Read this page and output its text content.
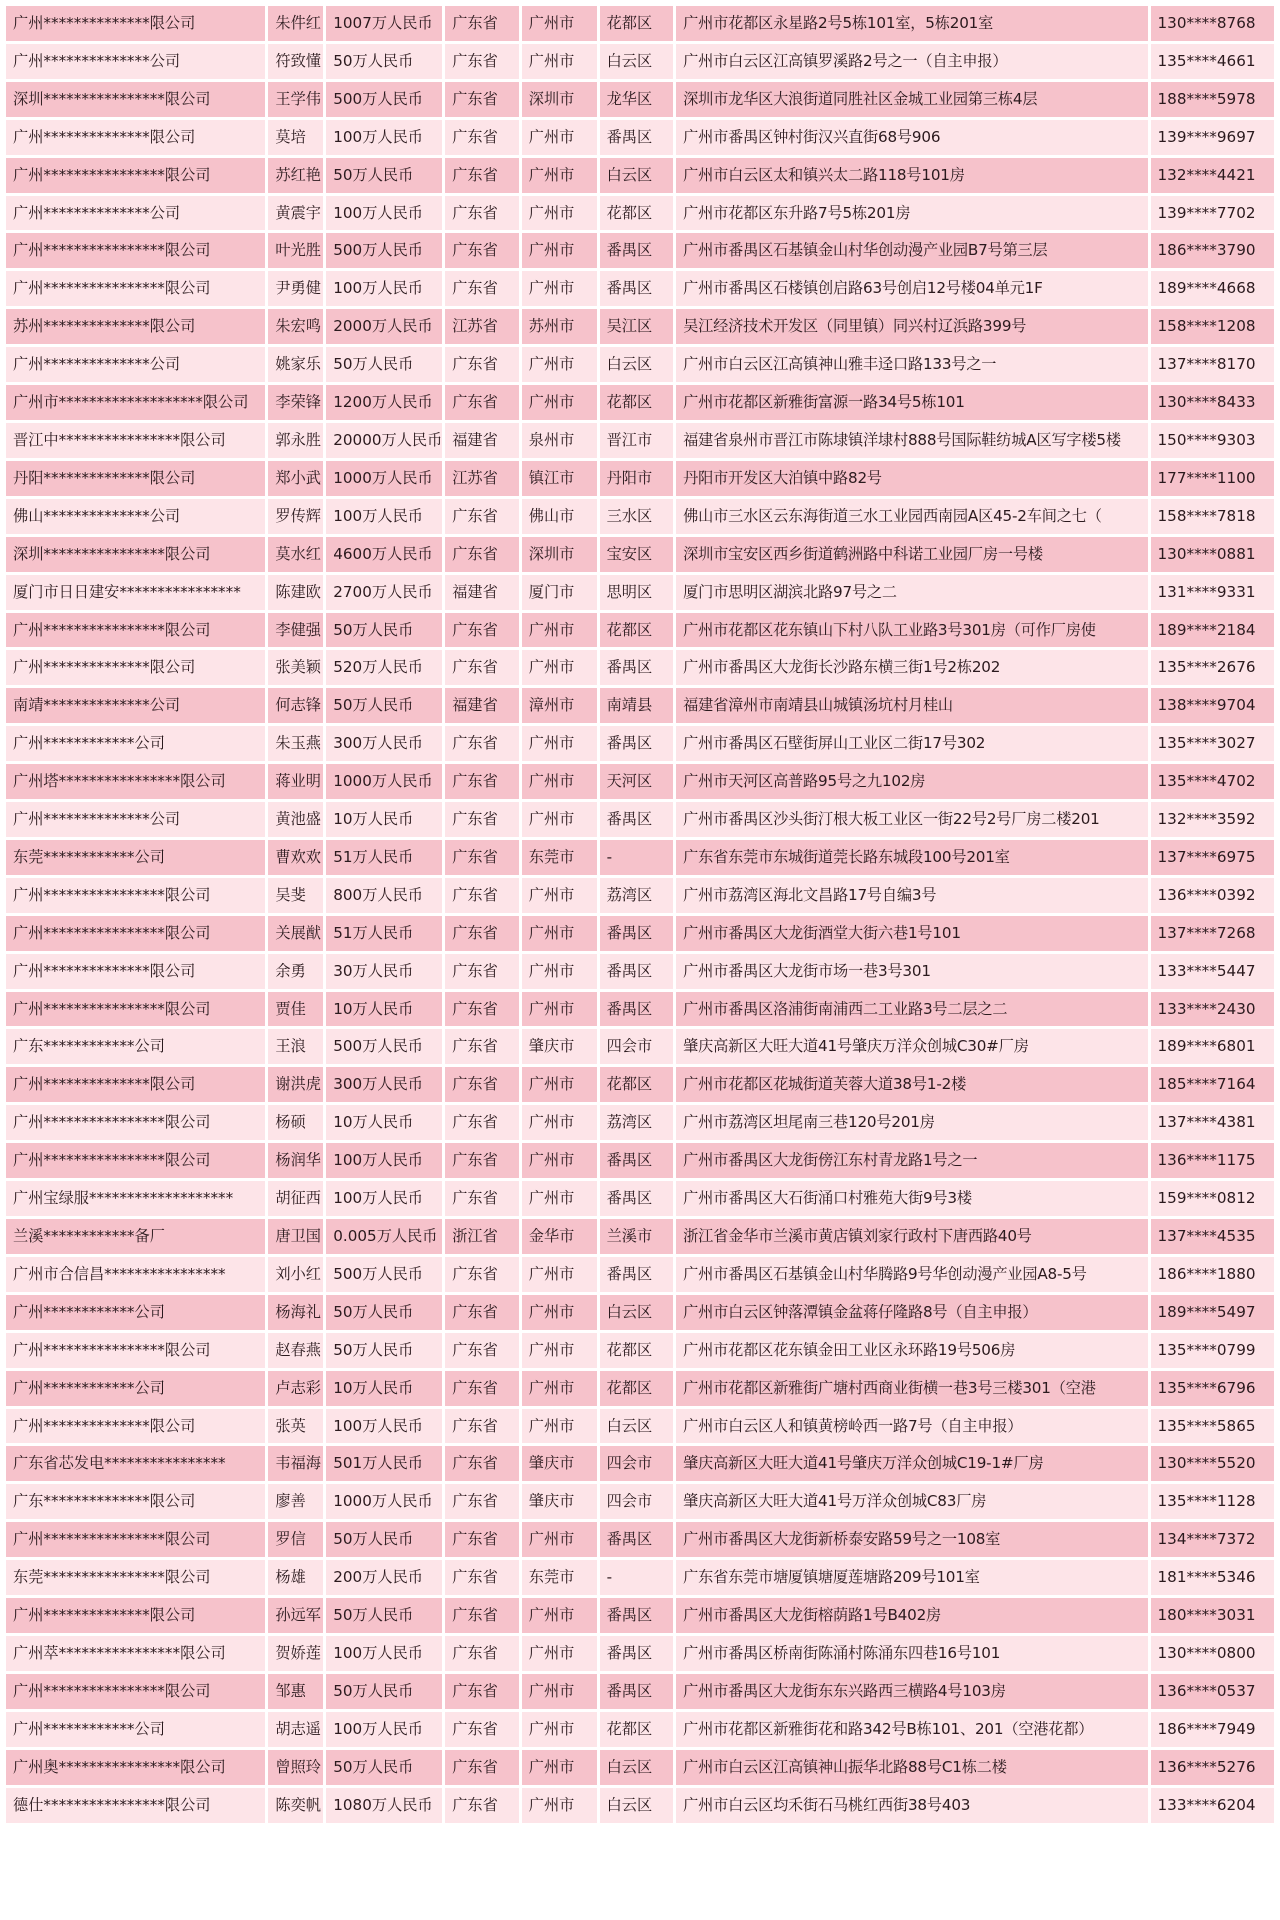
广州**************限公司	朱件红	1007万人民币	广东省	广州市	花都区	广州市花都区永星路2号5栋101室，5栋201室	130****8768
广州**************公司	符致懂	50万人民币	广东省	广州市	白云区	广州市白云区江高镇罗溪路2号之一（自主申报）	135****4661
深圳****************限公司	王学伟	500万人民币	广东省	深圳市	龙华区	深圳市龙华区大浪街道同胜社区金城工业园第三栋4层	188****5978
广州**************限公司	莫培	100万人民币	广东省	广州市	番禺区	广州市番禺区钟村街汉兴直街68号906	139****9697
广州****************限公司	苏红艳	50万人民币	广东省	广州市	白云区	广州市白云区太和镇兴太二路118号101房	132****4421
广州**************公司	黄震宇	100万人民币	广东省	广州市	花都区	广州市花都区东升路7号5栋201房	139****7702
广州****************限公司	叶光胜	500万人民币	广东省	广州市	番禺区	广州市番禺区石基镇金山村华创动漫产业园B7号第三层	186****3790
广州****************限公司	尹勇健	100万人民币	广东省	广州市	番禺区	广州市番禺区石楼镇创启路63号创启12号楼04单元1F	189****4668
苏州**************限公司	朱宏鸣	2000万人民币	江苏省	苏州市	吴江区	吴江经济技术开发区（同里镇）同兴村辽浜路399号	158****1208
广州**************公司	姚家乐	50万人民币	广东省	广州市	白云区	广州市白云区江高镇神山雅丰迳口路133号之一	137****8170
广州市*******************限公司	李荣锋	1200万人民币	广东省	广州市	花都区	广州市花都区新雅街富源一路34号5栋101	130****8433
晋江中****************限公司	郭永胜	20000万人民币	福建省	泉州市	晋江市	福建省泉州市晋江市陈埭镇洋埭村888号国际鞋纺城A区写字楼5楼	150****9303
丹阳**************限公司	郑小武	1000万人民币	江苏省	镇江市	丹阳市	丹阳市开发区大泊镇中路82号	177****1100
佛山**************公司	罗传辉	100万人民币	广东省	佛山市	三水区	佛山市三水区云东海街道三水工业园西南园A区45-2车间之七（	158****7818
深圳****************限公司	莫水红	4600万人民币	广东省	深圳市	宝安区	深圳市宝安区西乡街道鹤洲路中科诺工业园厂房一号楼	130****0881
厦门市日日建安****************	陈建欧	2700万人民币	福建省	厦门市	思明区	厦门市思明区湖滨北路97号之二	131****9331
广州****************限公司	李健强	50万人民币	广东省	广州市	花都区	广州市花都区花东镇山下村八队工业路3号301房（可作厂房使	189****2184
广州**************限公司	张美颖	520万人民币	广东省	广州市	番禺区	广州市番禺区大龙街长沙路东横三街1号2栋202	135****2676
南靖**************公司	何志锋	50万人民币	福建省	漳州市	南靖县	福建省漳州市南靖县山城镇汤坑村月桂山	138****9704
广州************公司	朱玉燕	300万人民币	广东省	广州市	番禺区	广州市番禺区石壁街屏山工业区二街17号302	135****3027
广州塔****************限公司	蒋业明	1000万人民币	广东省	广州市	天河区	广州市天河区高普路95号之九102房	135****4702
广州**************公司	黄池盛	10万人民币	广东省	广州市	番禺区	广州市番禺区沙头街汀根大板工业区一街22号2号厂房二楼201	132****3592
东莞************公司	曹欢欢	51万人民币	广东省	东莞市	-	广东省东莞市东城街道莞长路东城段100号201室	137****6975
广州****************限公司	吴斐	800万人民币	广东省	广州市	荔湾区	广州市荔湾区海北文昌路17号自编3号	136****0392
广州****************限公司	关展猷	51万人民币	广东省	广州市	番禺区	广州市番禺区大龙街酒堂大街六巷1号101	137****7268
广州**************限公司	余勇	30万人民币	广东省	广州市	番禺区	广州市番禺区大龙街市场一巷3号301	133****5447
广州****************限公司	贾佳	10万人民币	广东省	广州市	番禺区	广州市番禺区洛浦街南浦西二工业路3号二层之二	133****2430
广东************公司	王浪	500万人民币	广东省	肇庆市	四会市	肇庆高新区大旺大道41号肇庆万洋众创城C30#厂房	189****6801
广州**************限公司	谢洪虎	300万人民币	广东省	广州市	花都区	广州市花都区花城街道芙蓉大道38号1-2楼	185****7164
广州****************限公司	杨硕	10万人民币	广东省	广州市	荔湾区	广州市荔湾区坦尾南三巷120号201房	137****4381
广州****************限公司	杨润华	100万人民币	广东省	广州市	番禺区	广州市番禺区大龙街傍江东村青龙路1号之一	136****1175
广州宝绿服*******************	胡征西	100万人民币	广东省	广州市	番禺区	广州市番禺区大石街涌口村雅苑大街9号3楼	159****0812
兰溪************备厂	唐卫国	0.005万人民币	浙江省	金华市	兰溪市	浙江省金华市兰溪市黄店镇刘家行政村下唐西路40号	137****4535
广州市合信昌****************	刘小红	500万人民币	广东省	广州市	番禺区	广州市番禺区石基镇金山村华腾路9号华创动漫产业园A8-5号	186****1880
广州************公司	杨海礼	50万人民币	广东省	广州市	白云区	广州市白云区钟落潭镇金盆蒋仔隆路8号（自主申报）	189****5497
广州****************限公司	赵春燕	50万人民币	广东省	广州市	花都区	广州市花都区花东镇金田工业区永环路19号506房	135****0799
广州************公司	卢志彩	10万人民币	广东省	广州市	花都区	广州市花都区新雅街广塘村西商业街横一巷3号三楼301（空港	135****6796
广州**************限公司	张英	100万人民币	广东省	广州市	白云区	广州市白云区人和镇黄榜岭西一路7号（自主申报）	135****5865
广东省芯发电****************	韦福海	501万人民币	广东省	肇庆市	四会市	肇庆高新区大旺大道41号肇庆万洋众创城C19-1#厂房	130****5520
广东**************限公司	廖善	1000万人民币	广东省	肇庆市	四会市	肇庆高新区大旺大道41号万洋众创城C83厂房	135****1128
广州****************限公司	罗信	50万人民币	广东省	广州市	番禺区	广州市番禺区大龙街新桥泰安路59号之一108室	134****7372
东莞****************限公司	杨雄	200万人民币	广东省	东莞市	-	广东省东莞市塘厦镇塘厦莲塘路209号101室	181****5346
广州**************限公司	孙远军	50万人民币	广东省	广州市	番禺区	广州市番禺区大龙街榕荫路1号B402房	180****3031
广州萃****************限公司	贺娇莲	100万人民币	广东省	广州市	番禺区	广州市番禺区桥南街陈涌村陈涌东四巷16号101	130****0800
广州****************限公司	邹惠	50万人民币	广东省	广州市	番禺区	广州市番禺区大龙街东东兴路西三横路4号103房	136****0537
广州************公司	胡志遥	100万人民币	广东省	广州市	花都区	广州市花都区新雅街花和路342号B栋101、201（空港花都）	186****7949
广州奥****************限公司	曾照玲	50万人民币	广东省	广州市	白云区	广州市白云区江高镇神山振华北路88号C1栋二楼	136****5276
德仕****************限公司	陈奕帆	1080万人民币	广东省	广州市	白云区	广州市白云区均禾街石马桃红西街38号403	133****6204
